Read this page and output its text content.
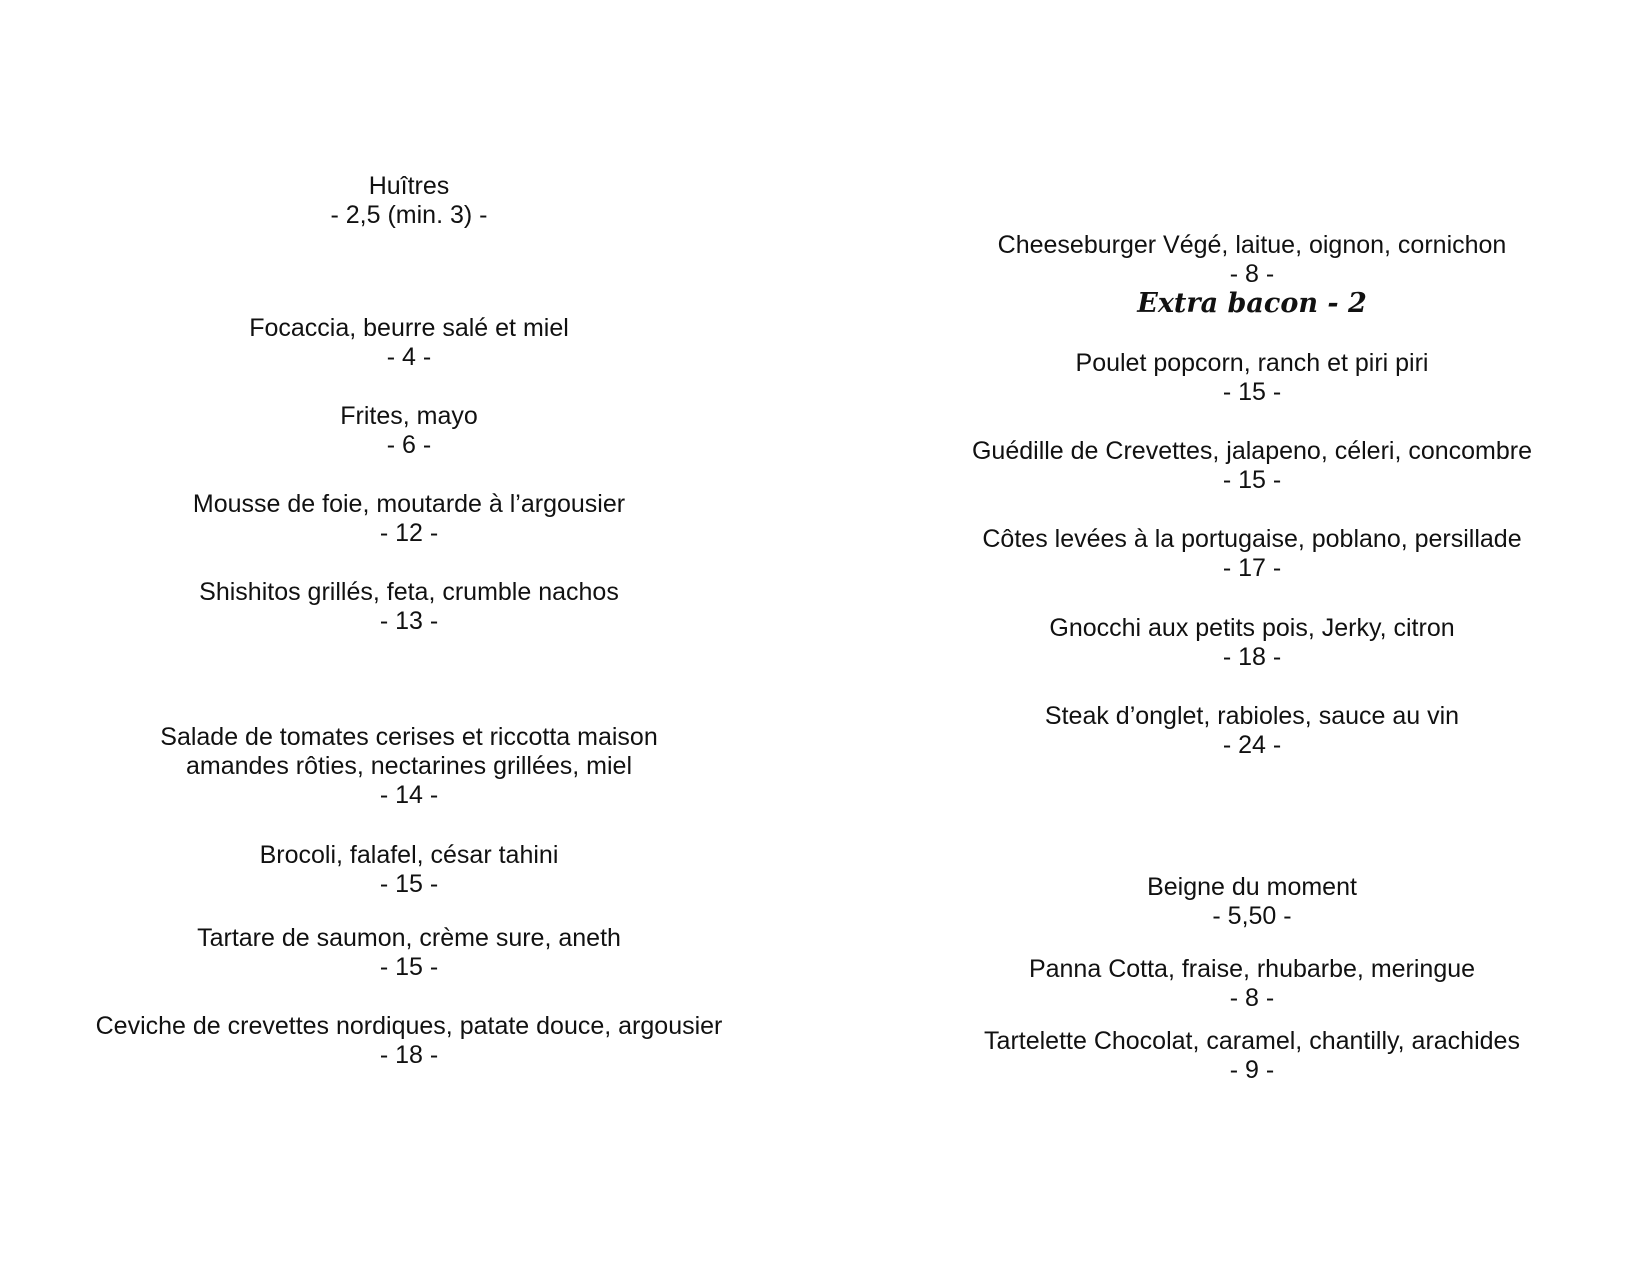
Huîtres
- 2,5 (min. 3) -
Focaccia, beurre salé et miel
- 4 -
Frites, mayo
- 6 -
Mousse de foie, moutarde à l’argousier
- 12 -
Shishitos grillés, feta, crumble nachos
- 13 -
Salade de tomates cerises et riccotta maison
amandes rôties, nectarines grillées, miel
- 14 -
Brocoli, falafel, césar tahini
- 15 -
Tartare de saumon, crème sure, aneth
- 15 -
Ceviche de crevettes nordiques, patate douce, argousier
- 18 -
Cheeseburger Végé, laitue, oignon, cornichon
- 8 -
Extra bacon - 2
Poulet popcorn, ranch et piri piri
- 15 -
Guédille de Crevettes, jalapeno, céleri, concombre
- 15 -
Côtes levées à la portugaise, poblano, persillade
- 17 -
Gnocchi aux petits pois, Jerky, citron
- 18 -
Steak d’onglet, rabioles, sauce au vin
- 24 -
Beigne du moment
- 5,50 -
Panna Cotta, fraise, rhubarbe, meringue
- 8 -
Tartelette Chocolat, caramel, chantilly, arachides
- 9 -
